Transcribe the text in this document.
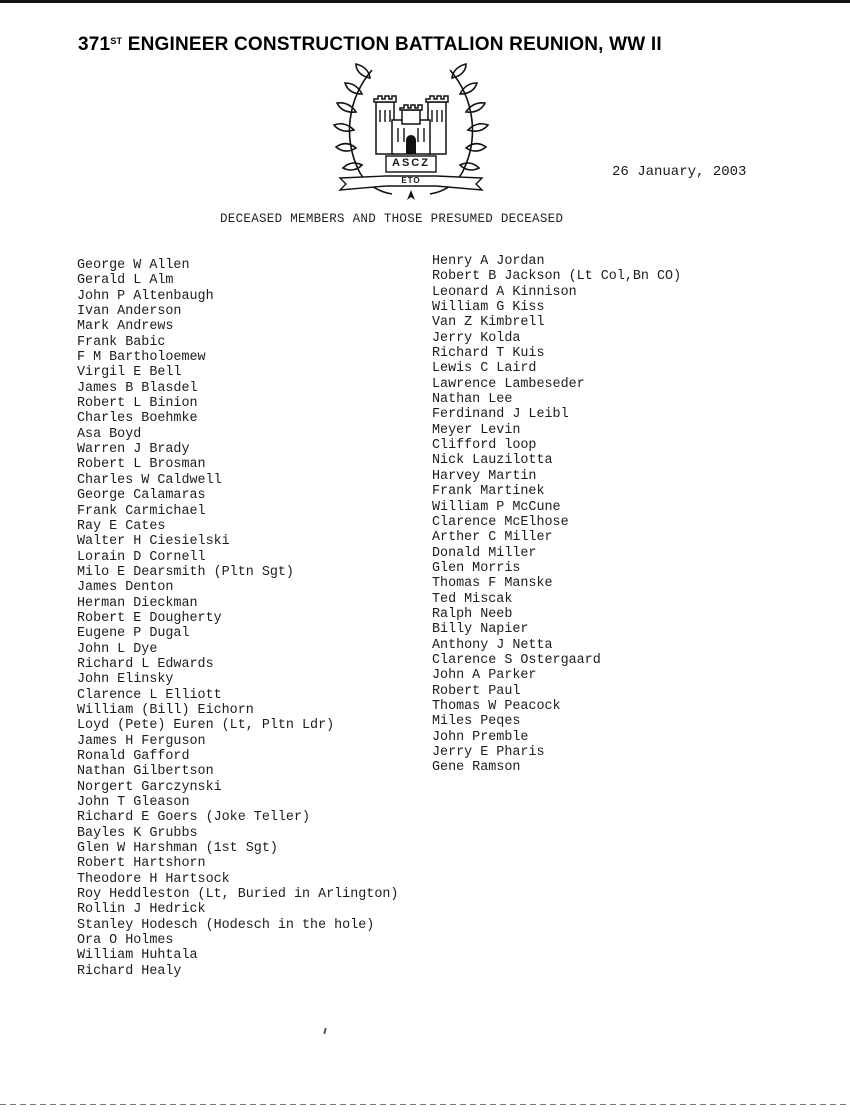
371ST ENGINEER CONSTRUCTION BATTALION REUNION, WW II
ASCZ
ETO
26 January, 2003
DECEASED MEMBERS AND THOSE PRESUMED DECEASED
George W Allen
Gerald L Alm
John P Altenbaugh
Ivan Anderson
Mark Andrews
Frank Babic
F M Bartholoemew
Virgil E Bell
James B Blasdel
Robert L Binion
Charles Boehmke
Asa Boyd
Warren J Brady
Robert L Brosman
Charles W Caldwell
George Calamaras
Frank Carmichael
Ray E Cates
Walter H Ciesielski
Lorain D Cornell
Milo E Dearsmith (Pltn Sgt)
James Denton
Herman Dieckman
Robert E Dougherty
Eugene P Dugal
John L Dye
Richard L Edwards
John Elinsky
Clarence L Elliott
William (Bill) Eichorn
Loyd (Pete) Euren (Lt, Pltn Ldr)
James H Ferguson
Ronald Gafford
Nathan Gilbertson
Norgert Garczynski
John T Gleason
Richard E Goers (Joke Teller)
Bayles K Grubbs
Glen W Harshman (1st Sgt)
Robert Hartshorn
Theodore H Hartsock
Roy Heddleston (Lt, Buried in Arlington)
Rollin J Hedrick
Stanley Hodesch (Hodesch in the hole)
Ora O Holmes
William Huhtala
Richard Healy
Henry A Jordan
Robert B Jackson (Lt Col,Bn CO)
Leonard A Kinnison
William G Kiss
Van Z Kimbrell
Jerry Kolda
Richard T Kuis
Lewis C Laird
Lawrence Lambeseder
Nathan Lee
Ferdinand J Leibl
Meyer Levin
Clifford loop
Nick Lauzilotta
Harvey Martin
Frank Martinek
William P McCune
Clarence McElhose
Arther C Miller
Donald Miller
Glen Morris
Thomas F Manske
Ted Miscak
Ralph Neeb
Billy Napier
Anthony J Netta
Clarence S Ostergaard
John A Parker
Robert Paul
Thomas W Peacock
Miles Peqes
John Premble
Jerry E Pharis
Gene Ramson
